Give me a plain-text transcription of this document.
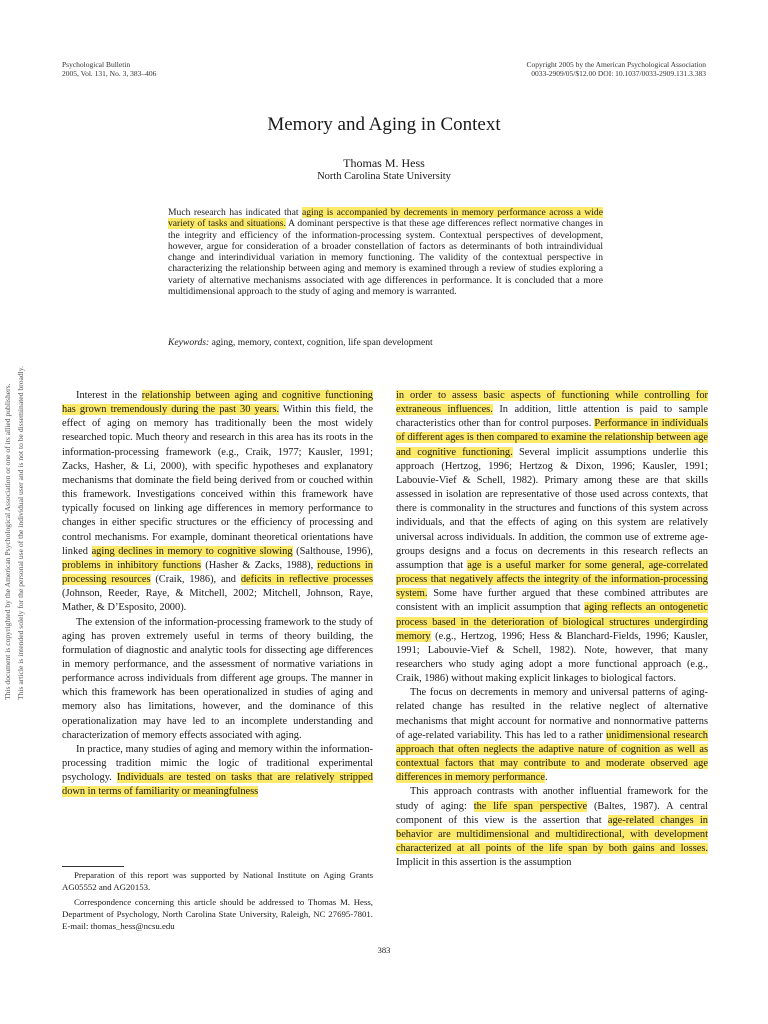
Psychological Bulletin
2005, Vol. 131, No. 3, 383–406
Copyright 2005 by the American Psychological Association
0033-2909/05/$12.00 DOI: 10.1037/0033-2909.131.3.383
This document is copyrighted by the American Psychological Association or one of its allied publishers. This article is intended solely for the personal use of the individual user and is not to be disseminated broadly.
Memory and Aging in Context
Thomas M. Hess
North Carolina State University
Much research has indicated that aging is accompanied by decrements in memory performance across a wide variety of tasks and situations. A dominant perspective is that these age differences reflect normative changes in the integrity and efficiency of the information-processing system. Contextual perspectives of development, however, argue for consideration of a broader constellation of factors as determinants of both intraindividual change and interindividual variation in memory functioning. The validity of the contextual perspective in characterizing the relationship between aging and memory is examined through a review of studies exploring a variety of alternative mechanisms associated with age differences in performance. It is concluded that a more multidimensional approach to the study of aging and memory is warranted.
Keywords: aging, memory, context, cognition, life span development

Interest in the relationship between aging and cognitive functioning has grown tremendously during the past 30 years. Within this field, the effect of aging on memory has traditionally been the most widely researched topic. Much theory and research in this area has its roots in the information-processing framework (e.g., Craik, 1977; Kausler, 1991; Zacks, Hasher, & Li, 2000), with specific hypotheses and explanatory mechanisms that dominate the field being derived from or couched within this framework. Investigations conceived within this framework have typically focused on linking age differences in memory performance to changes in either specific structures or the efficiency of processing and control mechanisms. For example, dominant theoretical orientations have linked aging declines in memory to cognitive slowing (Salthouse, 1996), problems in inhibitory functions (Hasher & Zacks, 1988), reductions in processing resources (Craik, 1986), and deficits in reflective processes (Johnson, Reeder, Raye, & Mitchell, 2002; Mitchell, Johnson, Raye, Mather, & D’Esposito, 2000).

The extension of the information-processing framework to the study of aging has proven extremely useful in terms of theory building, the formulation of diagnostic and analytic tools for dissecting age differences in memory performance, and the assessment of normative variations in performance across individuals from different age groups. The manner in which this framework has been operationalized in studies of aging and memory also has limitations, however, and the dominance of this operationalization may have led to an incomplete understanding and characterization of memory effects associated with aging.

In practice, many studies of aging and memory within the information-processing tradition mimic the logic of traditional experimental psychology. Individuals are tested on tasks that are relatively stripped down in terms of familiarity or meaningfulness

in order to assess basic aspects of functioning while controlling for extraneous influences. In addition, little attention is paid to sample characteristics other than for control purposes. Performance in individuals of different ages is then compared to examine the relationship between age and cognitive functioning. Several implicit assumptions underlie this approach (Hertzog, 1996; Hertzog & Dixon, 1996; Kausler, 1991; Labouvie-Vief & Schell, 1982). Primary among these are that skills assessed in isolation are representative of those used across contexts, that there is commonality in the structures and functions of this system across individuals, and that the effects of aging on this system are relatively universal across individuals. In addition, the common use of extreme age-groups designs and a focus on decrements in this research reflects an assumption that age is a useful marker for some general, age-correlated process that negatively affects the integrity of the information-processing system. Some have further argued that these combined attributes are consistent with an implicit assumption that aging reflects an ontogenetic process based in the deterioration of biological structures undergirding memory (e.g., Hertzog, 1996; Hess & Blanchard-Fields, 1996; Kausler, 1991; Labouvie-Vief & Schell, 1982). Note, however, that many researchers who study aging adopt a more functional approach (e.g., Craik, 1986) without making explicit linkages to biological factors.

The focus on decrements in memory and universal patterns of aging-related change has resulted in the relative neglect of alternative mechanisms that might account for normative and nonnormative patterns of age-related variability. This has led to a rather unidimensional research approach that often neglects the adaptive nature of cognition as well as contextual factors that may contribute to and moderate observed age differences in memory performance.

This approach contrasts with another influential framework for the study of aging: the life span perspective (Baltes, 1987). A central component of this view is the assertion that age-related changes in behavior are multidimensional and multidirectional, with development characterized at all points of the life span by both gains and losses. Implicit in this assertion is the assumption

Preparation of this report was supported by National Institute on Aging Grants AG05552 and AG20153.
Correspondence concerning this article should be addressed to Thomas M. Hess, Department of Psychology, North Carolina State University, Raleigh, NC 27695-7801. E-mail: thomas_hess@ncsu.edu
383
